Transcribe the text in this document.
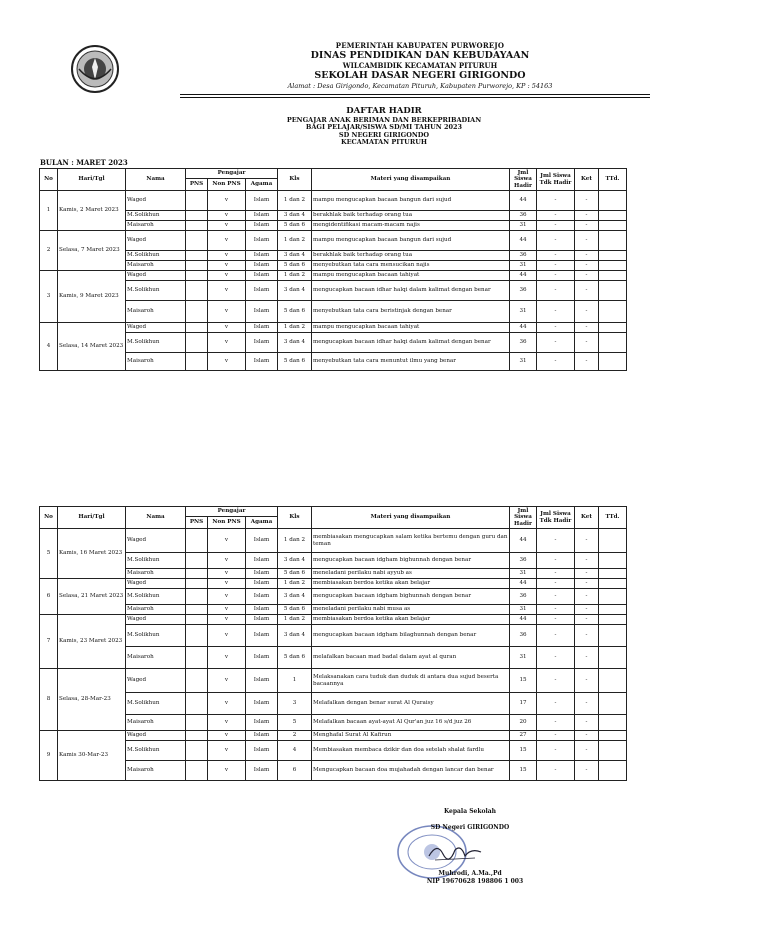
PEMERINTAH KABUPATEN PURWOREJO
DINAS PENDIDIKAN DAN KEBUDAYAAN
WILCAMBIDIK KECAMATAN PITURUH
SEKOLAH DASAR NEGERI GIRIGONDO
Alamat : Desa Girigondo, Kecamatan Pituruh, Kabupaten Purworejo, KP : 54163
DAFTAR HADIR
PENGAJAR ANAK BERIMAN DAN BERKEPRIBADIAN
BAGI PELAJAR/SISWA SD/MI TAHUN 2023
SD NEGERI GIRIGONDO
KECAMATAN PITURUH
BULAN : MARET 2023
No	Hari/Tgl	Nama	Pengajar			Kls	Materi yang disampaikan	Jml Siswa Hadir	Jml Siswa Tdk Hadir	Ket	TTd.
			PNS	Non PNS	Agama						
1	Kamis, 2 Maret 2023	Waged		v	Islam	1 dan 2	mampu mengucapkan bacaan bangun dari sujud	44	-	-	
		M.Solikhun		v	Islam	3 dan 4	berakhlak baik terhadap orang tua	36	-	-	
		Maisaroh		v	Islam	5 dan 6	mengidentifikasi macam-macam najis	31	-	-	
2	Selasa, 7 Maret 2023	Waged		v	Islam	1 dan 2	mampu mengucapkan bacaan bangun dari sujud	44	-	-	
		M.Solikhun		v	Islam	3 dan 4	berakhlak baik terhadap orang tua	36	-	-	
		Maisaroh		v	Islam	5 dan 6	menyebutkan tata cara mensucikan najis	31	-	-	
3	Kamis, 9 Maret 2023	Waged		v	Islam	1 dan 2	mampu mengucapkan bacaan tahiyat	44	-	-	
		M.Solikhun		v	Islam	3 dan 4	mengucapkan bacaan idhar halqi dalam kalimat dengan benar	36	-	-	
		Maisaroh		v	Islam	5 dan 6	menyebutkan tata cara beristinjak dengan benar	31	-	-	
4	Selasa, 14 Maret 2023	Waged		v	Islam	1 dan 2	mampu mengucapkan bacaan tahiyat	44	-	-	
		M.Solikhun		v	Islam	3 dan 4	mengucapkan bacaan idhar halqi dalam kalimat dengan benar	36	-	-	
		Maisaroh		v	Islam	5 dan 6	menyebutkan tata cara menuntut ilmu yang benar	31	-	-	
No	Hari/Tgl	Nama	Pengajar			Kls	Materi yang disampaikan	Jml Siswa Hadir	Jml Siswa Tdk Hadir	Ket	TTd.
			PNS	Non PNS	Agama						
5	Kamis, 16 Maret 2023	Waged		v	Islam	1 dan 2	membiasakan mengucapkan salam ketika bertemu dengan guru dan teman	44	-	-	
		M.Solikhun		v	Islam	3 dan 4	mengucapkan bacaan idgham bighunnah dengan benar	36	-	-	
		Maisaroh		v	Islam	5 dan 6	meneladani perilaku nabi ayyub as	31	-	-	
6	Selasa, 21 Maret 2023	Waged		v	Islam	1 dan 2	membiasakan berdoa ketika akan belajar	44	-	-	
		M.Solikhun		v	Islam	3 dan 4	mengucapkan bacaan idgham bighunnah dengan benar	36	-	-	
		Maisaroh		v	Islam	5 dan 6	meneladani perilaku nabi musa as	31	-	-	
7	Kamis, 23 Maret 2023	Waged		v	Islam	1 dan 2	membiasakan berdoa ketika akan belajar	44	-	-	
		M.Solikhun		v	Islam	3 dan 4	mengucapkan bacaan idgham bilaghunnah dengan benar	36	-	-	
		Maisaroh		v	Islam	5 dan 6	melafalkan bacaan mad badal dalam ayat al quran	31	-	-	
8	Selasa, 28-Mar-23	Waged		v	Islam	1	Melaksanakan cara tuduk dan duduk di antara dua sujud beserta bacaannya	15	-	-	
		M.Solikhun		v	Islam	3	Melafalkan dengan benar surat Al Quraisy	17	-	-	
		Maisaroh		v	Islam	5	Melafalkan bacaan ayat-ayat Al Qur'an juz 16 s/d juz 26	20	-	-	
9	Kamis 30-Mar-23	Waged		v	Islam	2	Menghafal Surat Al Kafirun	27	-	-	
		M.Solikhun		v	Islam	4	Membiasakan membaca dzikir dan doa setelah shalat fardlu	15	-	-	
		Maisaroh		v	Islam	6	Mengucapkan bacaan doa mujahadah dengan lancar dan benar	15	-	-	
Kepala Sekolah
SD Negeri GIRIGONDO
Muhrodi, A.Ma.,Pd
NIP 19670628 198806 1 003
